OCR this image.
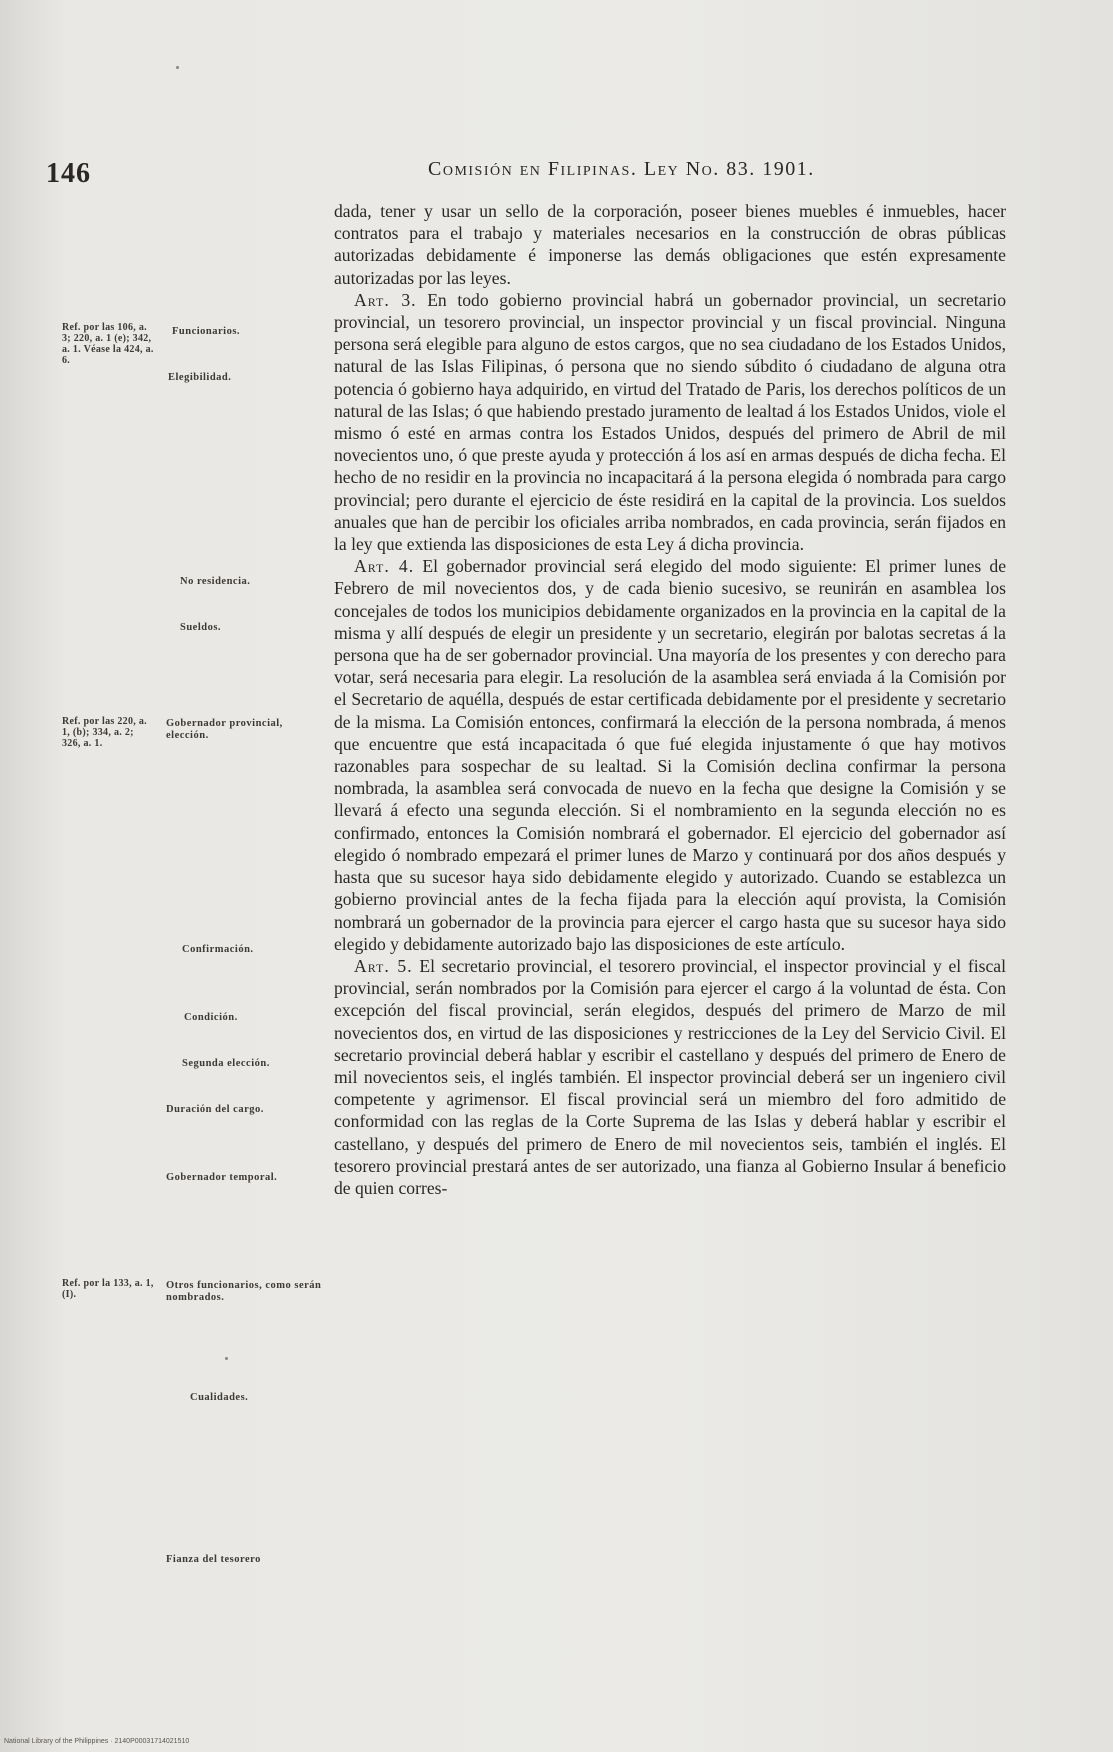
146	Comisión en Filipinas. Ley No. 83. 1901.
Ref. por las 106, a. 3; 220, a. 1 (e); 342, a. 1. Véase la 424, a. 6.
Ref. por las 220, a. 1, (b); 334, a. 2; 326, a. 1.
Ref. por la 133, a. 1, (I).
Funcionarios.
Elegibilidad.
No residencia.
Sueldos.
Gobernador provincial, elección.
Confirmación.
Condición.
Segunda elección.
Duración del cargo.
Gobernador temporal.
Otros funcionarios, como serán nombrados.
Cualidades.
Fianza del tesorero

dada, tener y usar un sello de la corporación, poseer bienes muebles é inmuebles, hacer contratos para el trabajo y materiales necesarios en la construcción de obras públicas autorizadas debidamente é imponerse las demás obligaciones que estén expresamente autorizadas por las leyes.

Art. 3. En todo gobierno provincial habrá un gobernador provincial, un secretario provincial, un tesorero provincial, un inspector provincial y un fiscal provincial. Ninguna persona será elegible para alguno de estos cargos, que no sea ciudadano de los Estados Unidos, natural de las Islas Filipinas, ó persona que no siendo súbdito ó ciudadano de alguna otra potencia ó gobierno haya adquirido, en virtud del Tratado de Paris, los derechos políticos de un natural de las Islas; ó que habiendo prestado juramento de lealtad á los Estados Unidos, viole el mismo ó esté en armas contra los Estados Unidos, después del primero de Abril de mil novecientos uno, ó que preste ayuda y protección á los así en armas después de dicha fecha. El hecho de no residir en la provincia no incapacitará á la persona elegida ó nombrada para cargo provincial; pero durante el ejercicio de éste residirá en la capital de la provincia. Los sueldos anuales que han de percibir los oficiales arriba nombrados, en cada provincia, serán fijados en la ley que extienda las disposiciones de esta Ley á dicha provincia.

Art. 4. El gobernador provincial será elegido del modo siguiente: El primer lunes de Febrero de mil novecientos dos, y de cada bienio sucesivo, se reunirán en asamblea los concejales de todos los municipios debidamente organizados en la provincia en la capital de la misma y allí después de elegir un presidente y un secretario, elegirán por balotas secretas á la persona que ha de ser gobernador provincial. Una mayoría de los presentes y con derecho para votar, será necesaria para elegir. La resolución de la asamblea será enviada á la Comisión por el Secretario de aquélla, después de estar certificada debidamente por el presidente y secretario de la misma. La Comisión entonces, confirmará la elección de la persona nombrada, á menos que encuentre que está incapacitada ó que fué elegida injustamente ó que hay motivos razonables para sospechar de su lealtad. Si la Comisión declina confirmar la persona nombrada, la asamblea será convocada de nuevo en la fecha que designe la Comisión y se llevará á efecto una segunda elección. Si el nombramiento en la segunda elección no es confirmado, entonces la Comisión nombrará el gobernador. El ejercicio del gobernador así elegido ó nombrado empezará el primer lunes de Marzo y continuará por dos años después y hasta que su sucesor haya sido debidamente elegido y autorizado. Cuando se establezca un gobierno provincial antes de la fecha fijada para la elección aquí provista, la Comisión nombrará un gobernador de la provincia para ejercer el cargo hasta que su sucesor haya sido elegido y debidamente autorizado bajo las disposiciones de este artículo.

Art. 5. El secretario provincial, el tesorero provincial, el inspector provincial y el fiscal provincial, serán nombrados por la Comisión para ejercer el cargo á la voluntad de ésta. Con excepción del fiscal provincial, serán elegidos, después del primero de Marzo de mil novecientos dos, en virtud de las disposiciones y restricciones de la Ley del Servicio Civil. El secretario provincial deberá hablar y escribir el castellano y después del primero de Enero de mil novecientos seis, el inglés también. El inspector provincial deberá ser un ingeniero civil competente y agrimensor. El fiscal provincial será un miembro del foro admitido de conformidad con las reglas de la Corte Suprema de las Islas y deberá hablar y escribir el castellano, y después del primero de Enero de mil novecientos seis, también el inglés. El tesorero provincial prestará antes de ser autorizado, una fianza al Gobierno Insular á beneficio de quien corres-

National Library of the Philippines · 2140P00031714021510
